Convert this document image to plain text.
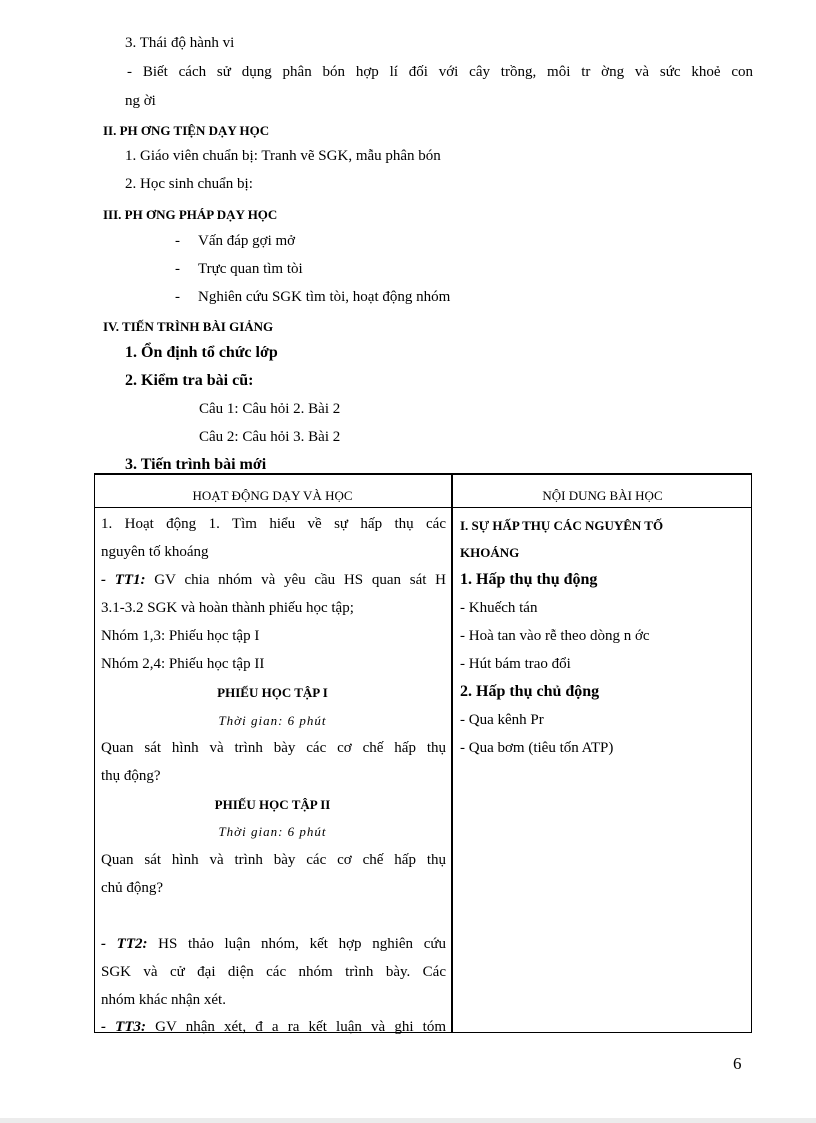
3. Thái độ hành vi
- Biết cách sử dụng phân bón hợp lí đối với cây trồng, môi tr ờng và sức khoẻ con
ng ời
II. PH ƠNG TIỆN DẠY HỌC
1. Giáo viên chuẩn bị: Tranh vẽ SGK, mẫu phân bón
2. Học sinh chuẩn bị:
III. PH ƠNG PHÁP DẠY HỌC
- Vấn đáp gợi mở
- Trực quan tìm tòi
- Nghiên cứu SGK tìm tòi, hoạt động nhóm
IV. TIẾN TRÌNH BÀI GIẢNG
1. Ổn định tổ chức lớp
2. Kiểm tra bài cũ:
Câu 1: Câu hỏi 2. Bài 2
Câu 2: Câu hỏi 3. Bài 2
3. Tiến trình bài mới
HOẠT ĐỘNG DẠY VÀ HỌC	NỘI DUNG BÀI HỌC
1. Hoạt động 1. Tìm hiểu về sự hấp thụ các
nguyên tố khoáng
- TT1: GV chia nhóm và yêu cầu HS quan sát H
3.1-3.2 SGK và hoàn thành phiếu học tập;
Nhóm 1,3: Phiếu học tập I
Nhóm 2,4: Phiếu học tập II
PHIẾU HỌC TẬP I
Thời gian: 6 phút
Quan sát hình và trình bày các cơ chế hấp thụ
thụ động?
PHIẾU HỌC TẬP II
Thời gian: 6 phút
Quan sát hình và trình bày các cơ chế hấp thụ
chủ động?
- TT2: HS thảo luận nhóm, kết hợp nghiên cứu
SGK và cử đại diện các nhóm trình bày. Các
nhóm khác nhận xét.
- TT3: GV nhận xét, đ a ra kết luận và ghi tóm
I. SỰ HẤP THỤ CÁC NGUYÊN TỐ
KHOÁNG
1. Hấp thụ thụ động
- Khuếch tán
- Hoà tan vào rễ theo dòng n ớc
- Hút bám trao đổi
2. Hấp thụ chủ động
- Qua kênh Pr
- Qua bơm (tiêu tốn ATP)
6
